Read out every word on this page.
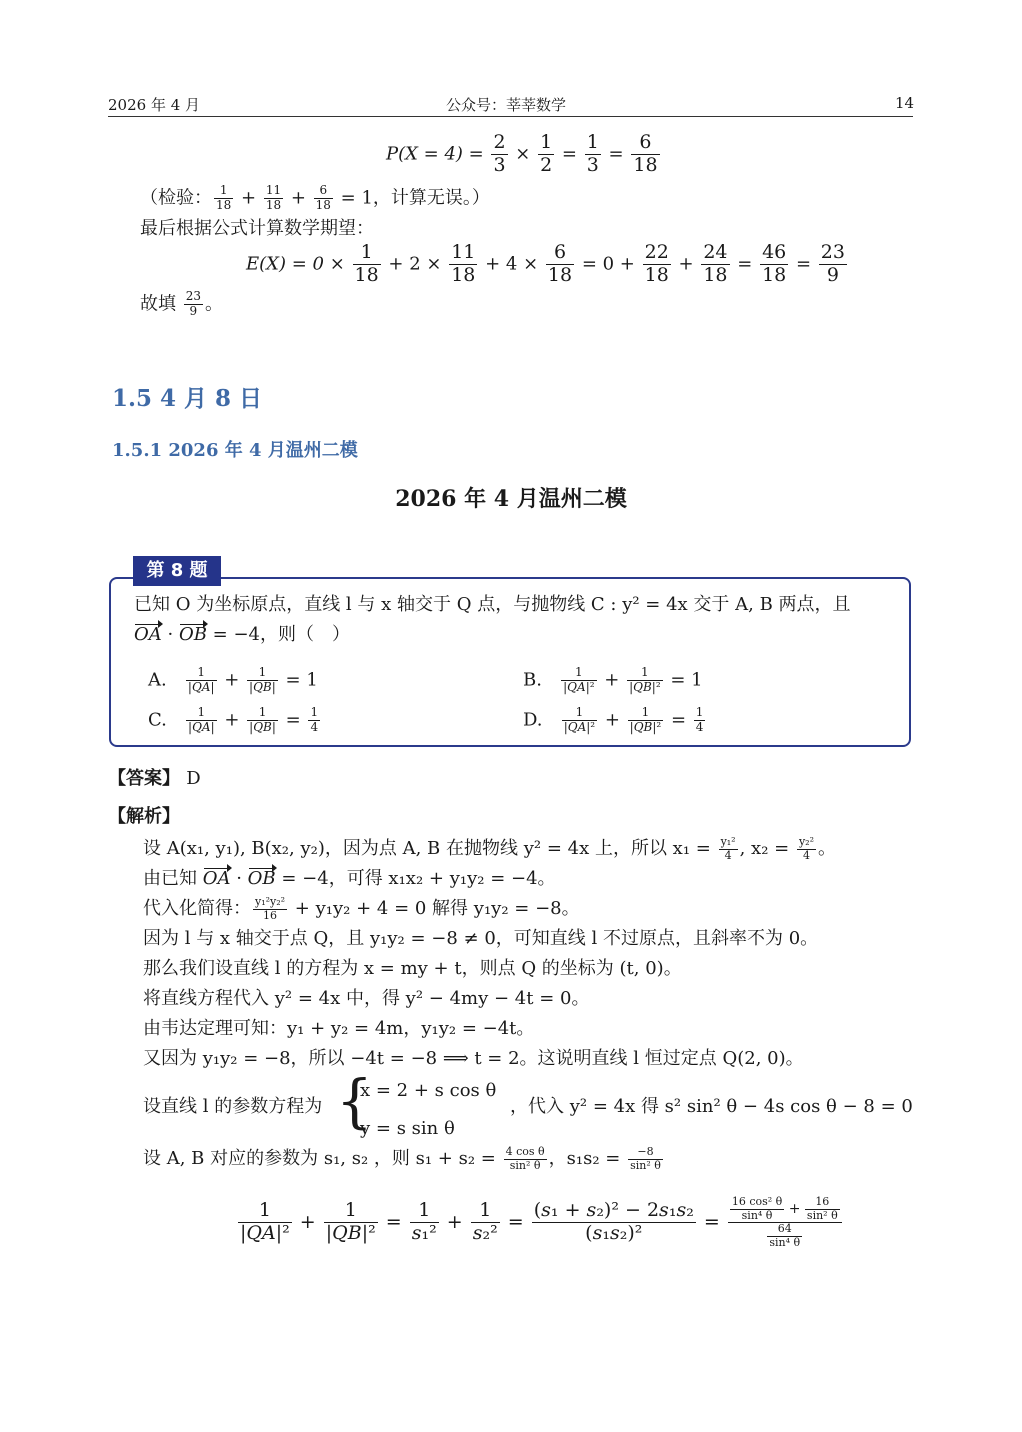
2026 年 4 月	公众号：莘莘数学	14
$P(X = 4) = \frac{2}{3} \times \frac{1}{2} = \frac{1}{3} = \frac{6}{18}$
（检验： $\frac{1}{18} + \frac{11}{18} + \frac{6}{18} = 1$，计算无误。）
最后根据公式计算数学期望：
$E(X) = 0 \times \frac{1}{18} + 2 \times \frac{11}{18} + 4 \times \frac{6}{18} = 0 + \frac{22}{18} + \frac{24}{18} = \frac{46}{18} = \frac{23}{9}$
故填 $\frac{23}{9}$ 。
1.5 4 月 8 日
1.5.1 2026 年 4 月温州二模
2026 年 4 月温州二模
第 8 题
已知 O 为坐标原点，直线 l 与 x 轴交于 Q 点，与抛物线 C : y² = 4x 交于 A, B 两点，且
OA · OB = −4，则（　）
A. $\frac{1}{|QA|} + \frac{1}{|QB|} = 1$	B. $\frac{1}{\text{|QA|²}} + \frac{1}{\text{|QB|²}} = 1$
C. $\frac{1}{|QA|} + \frac{1}{|QB|} = \frac{1}{4}$	D. $\frac{1}{\text{|QA|²}} + \frac{1}{\text{|QB|²}} = \frac{1}{4}$
【答案】 D
【解析】
设 A(x₁, y₁), B(x₂, y₂)，因为点 A, B 在抛物线 y² = 4x 上，所以 $x_1 = \frac{\text{y₁²}}{4}$ , $x_2 = \frac{\text{y₂²}}{4}$ 。
由已知 OA · OB = −4，可得 x₁x₂ + y₁y₂ = −4。
代入化简得： $\frac{\text{y₁²y₂²}}{16} + y_1y_2 + 4 = 0$ 解得 y₁y₂ = −8。
因为 l 与 x 轴交于点 Q，且 y₁y₂ = −8 ≠ 0，可知直线 l 不过原点，且斜率不为 0。
那么我们设直线 l 的方程为 x = my + t，则点 Q 的坐标为 (t, 0)。
将直线方程代入 y² = 4x 中，得 y² − 4my − 4t = 0。
由韦达定理可知：y₁ + y₂ = 4m，y₁y₂ = −4t。
又因为 y₁y₂ = −8，所以 −4t = −8 ⟹ t = 2。这说明直线 l 恒过定点 Q(2, 0)。
设直线 l 的参数方程为 {
x = 2 + s cos θ
y = s sin θ
，代入 y² = 4x 得 s² sin² θ − 4s cos θ − 8 = 0
设 A, B 对应的参数为 s₁, s₂ ，则 $s_1 + s_2 = \frac{\text{4 cos θ}}{\text{sin² θ}}$ ，$s_1s_2 = \frac{-8}{\text{sin² θ}}$
$\frac{1}{\text{|QA|²}} + \frac{1}{\text{|QB|²}} = \frac{1}{\text{s₁²}} + \frac{1}{\text{s₂²}} = \frac{\text{(s₁ + s₂)² − 2s₁s₂}}{\text{(s₁s₂)²}} = \frac{\frac{\text{16 cos² θ}}{\text{sin⁴ θ}} + \frac{16}{\text{sin² θ}}}{\frac{64}{\text{sin⁴ θ}}}$
